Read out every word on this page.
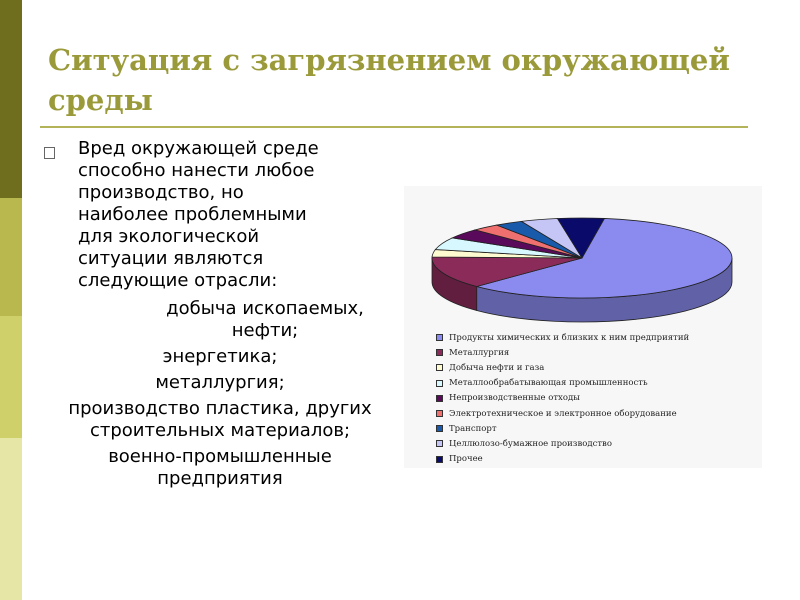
Ситуация с загрязнением окружающей среды
Вред окружающей среде
способно нанести любое
производство, но
наиболее проблемными
для экологической
ситуации являются
следующие отрасли:
добыча ископаемых, нефти;
энергетика;
металлургия;
производство пластика, других строительных материалов;
военно-промышленные предприятия
Продукты химических и близких к ним предприятий
Металлургия
Добыча нефти и газа
Металлообрабатывающая промышленность
Непроизводственные отходы
Электротехническое и электронное оборудование
Транспорт
Целлюлозо-бумажное производство
Прочее
